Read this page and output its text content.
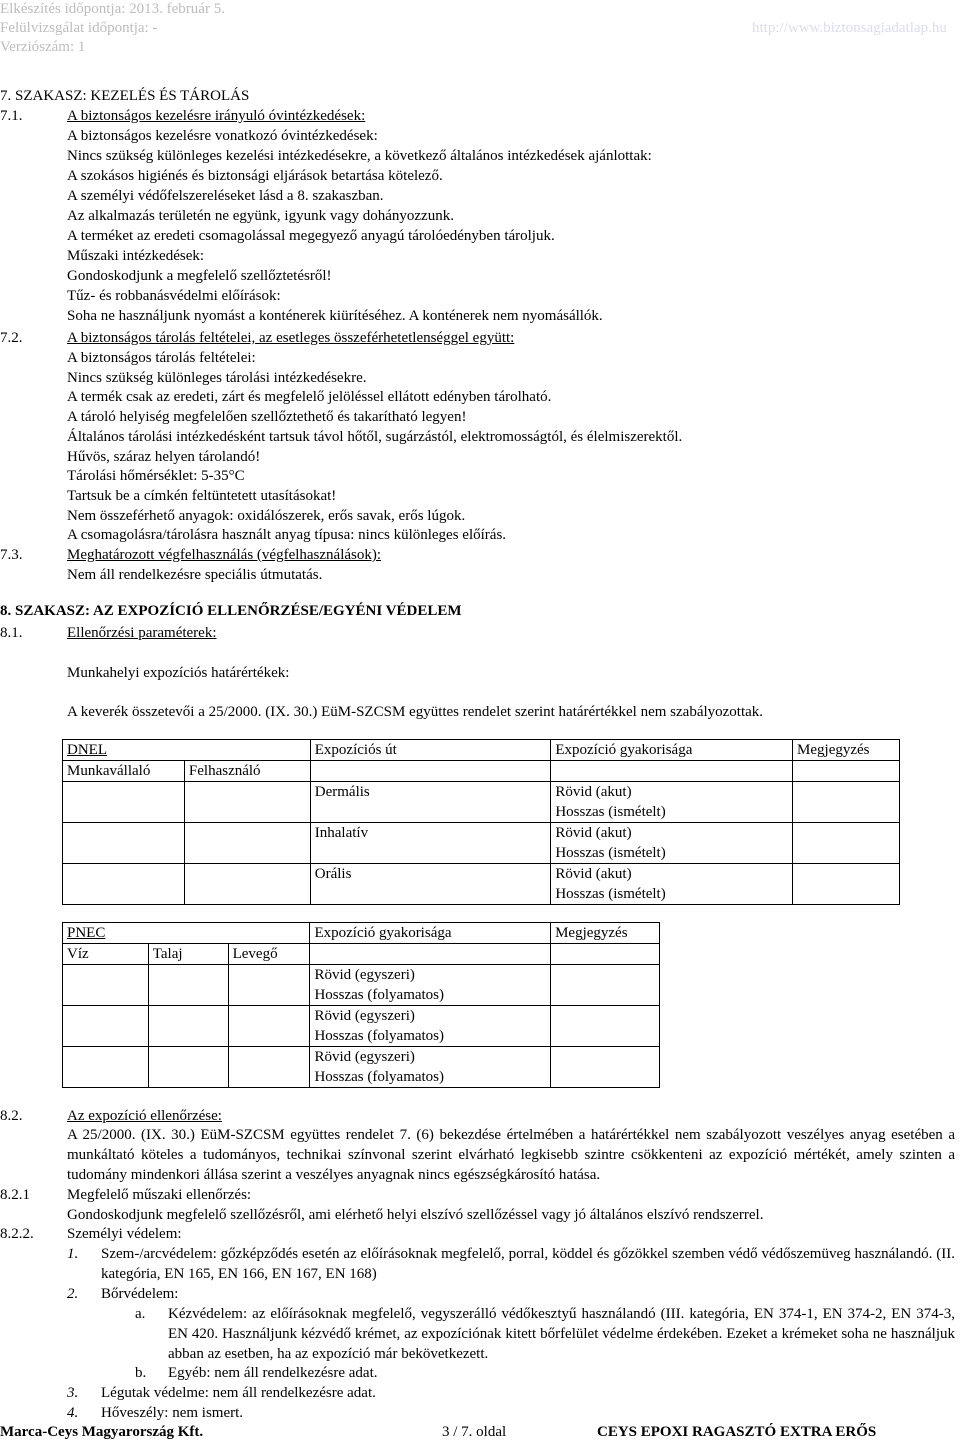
Elkészítés időpontja: 2013. február 5.
Felülvizsgálat időpontja: -
Verziószám: 1
http://www.biztonsagiadatlap.hu
7. SZAKASZ: KEZELÉS ÉS TÁROLÁS
7.1.	A biztonságos kezelésre irányuló óvintézkedések:
A biztonságos kezelésre vonatkozó óvintézkedések:
Nincs szükség különleges kezelési intézkedésekre, a következő általános intézkedések ajánlottak:
A szokásos higiénés és biztonsági eljárások betartása kötelező.
A személyi védőfelszereléseket lásd a 8. szakaszban.
Az alkalmazás területén ne együnk, igyunk vagy dohányozzunk.
A terméket az eredeti csomagolással megegyező anyagú tárolóedényben tároljuk.
Műszaki intézkedések:
Gondoskodjunk a megfelelő szellőztetésről!
Tűz- és robbanásvédelmi előírások:
Soha ne használjunk nyomást a konténerek kiürítéséhez. A konténerek nem nyomásállók.
7.2.	A biztonságos tárolás feltételei, az esetleges összeférhetetlenséggel együtt:
A biztonságos tárolás feltételei:
Nincs szükség különleges tárolási intézkedésekre.
A termék csak az eredeti, zárt és megfelelő jelöléssel ellátott edényben tárolható.
A tároló helyiség megfelelően szellőztethető és takarítható legyen!
Általános tárolási intézkedésként tartsuk távol hőtől, sugárzástól, elektromosságtól, és élelmiszerektől.
Hűvös, száraz helyen tárolandó!
Tárolási hőmérséklet: 5-35°C
Tartsuk be a címkén feltüntetett utasításokat!
Nem összeférhető anyagok: oxidálószerek, erős savak, erős lúgok.
A csomagolásra/tárolásra használt anyag típusa: nincs különleges előírás.
7.3.	Meghatározott végfelhasználás (végfelhasználások):
Nem áll rendelkezésre speciális útmutatás.
8. SZAKASZ: AZ EXPOZÍCIÓ ELLENŐRZÉSE/EGYÉNI VÉDELEM
8.1.	Ellenőrzési paraméterek:
Munkahelyi expozíciós határértékek:
A keverék összetevői a 25/2000. (IX. 30.) EüM-SZCSM együttes rendelet szerint határértékkel nem szabályozottak.
DNEL		Expozíciós út	Expozíció gyakorisága	Megjegyzés
Munkavállaló	Felhasználó			
		Dermális	Rövid (akut)
Hosszas (ismételt)	

		Inhalatív	Rövid (akut)
Hosszas (ismételt)	

		Orális	Rövid (akut)
Hosszas (ismételt)	

PNEC			Expozíció gyakorisága	Megjegyzés
Víz	Talaj	Levegő		

			Rövid (egyszeri)
Hosszas (folyamatos)	

			Rövid (egyszeri)
Hosszas (folyamatos)	

			Rövid (egyszeri)
Hosszas (folyamatos)	

8.2.	Az expozíció ellenőrzése:
A 25/2000. (IX. 30.) EüM-SZCSM együttes rendelet 7. (6) bekezdése értelmében a határértékkel nem szabályozott veszélyes anyag esetében a munkáltató köteles a tudományos, technikai színvonal szerint elvárható legkisebb szintre csökkenteni az expozíció mértékét, amely szinten a tudomány mindenkori állása szerint a veszélyes anyagnak nincs egészségkárosító hatása.
8.2.1 Megfelelő műszaki ellenőrzés:
Gondoskodjunk megfelelő szellőzésről, ami elérhető helyi elszívó szellőzéssel vagy jó általános elszívó rendszerrel.
8.2.2. Személyi védelem:
1. Szem-/arcvédelem: gőzképződés esetén az előírásoknak megfelelő, porral, köddel és gőzökkel szemben védő védőszemüveg használandó. (II. kategória, EN 165, EN 166, EN 167, EN 168)
2. Bőrvédelem:
a. Kézvédelem: az előírásoknak megfelelő, vegyszerálló védőkesztyű használandó (III. kategória, EN 374-1, EN 374-2, EN 374-3, EN 420. Használjunk kézvédő krémet, az expozíciónak kitett bőrfelület védelme érdekében. Ezeket a krémeket soha ne használjuk abban az esetben, ha az expozíció már bekövetkezett.
b. Egyéb: nem áll rendelkezésre adat.
3. Légutak védelme: nem áll rendelkezésre adat.
4. Hőveszély: nem ismert.
Marca-Ceys Magyarország Kft.	3 / 7. oldal	CEYS EPOXI RAGASZTÓ EXTRA ERŐS
